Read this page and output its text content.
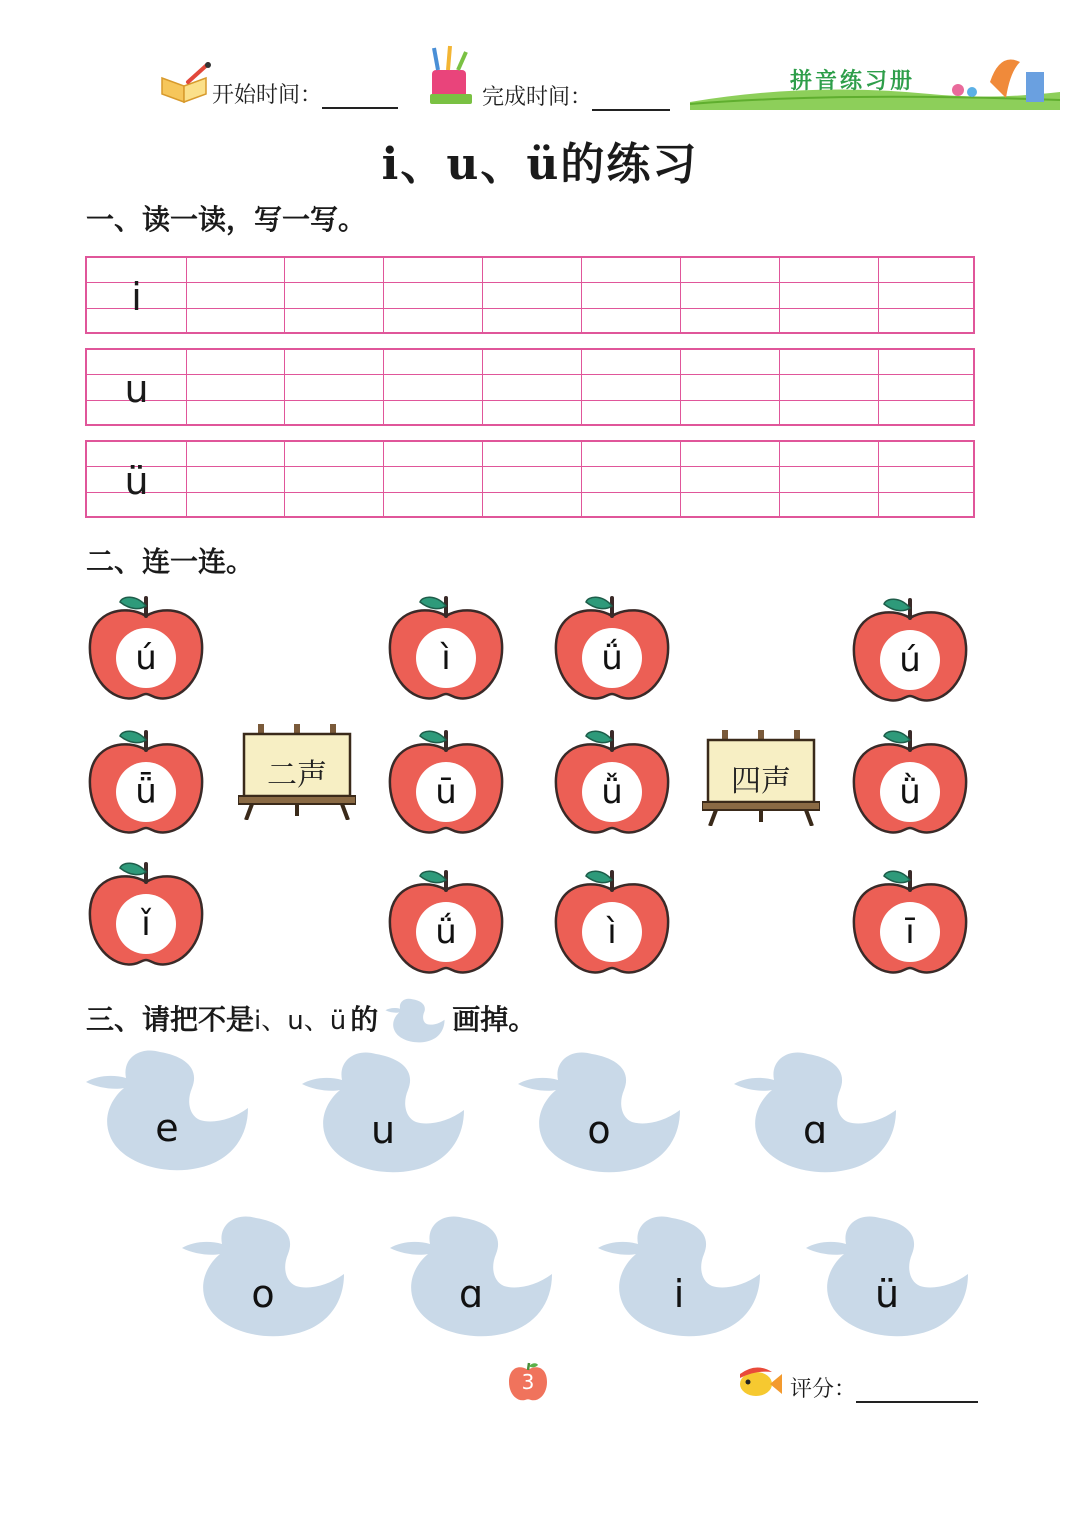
开始时间：	完成时间：
拼音练习册
i、u、ü的练习
一、读一读，写一写。
i
u
ü
二、连一连。
ú	ì	ǘ	ú
ǖ	二声	ū	ǚ	四声	ǜ
ǐ	ǘ	ì	ī
三、请把不是i、u、ü 的	画掉。
e	u	o	ɑ
o	ɑ	i	ü
3	评分：
